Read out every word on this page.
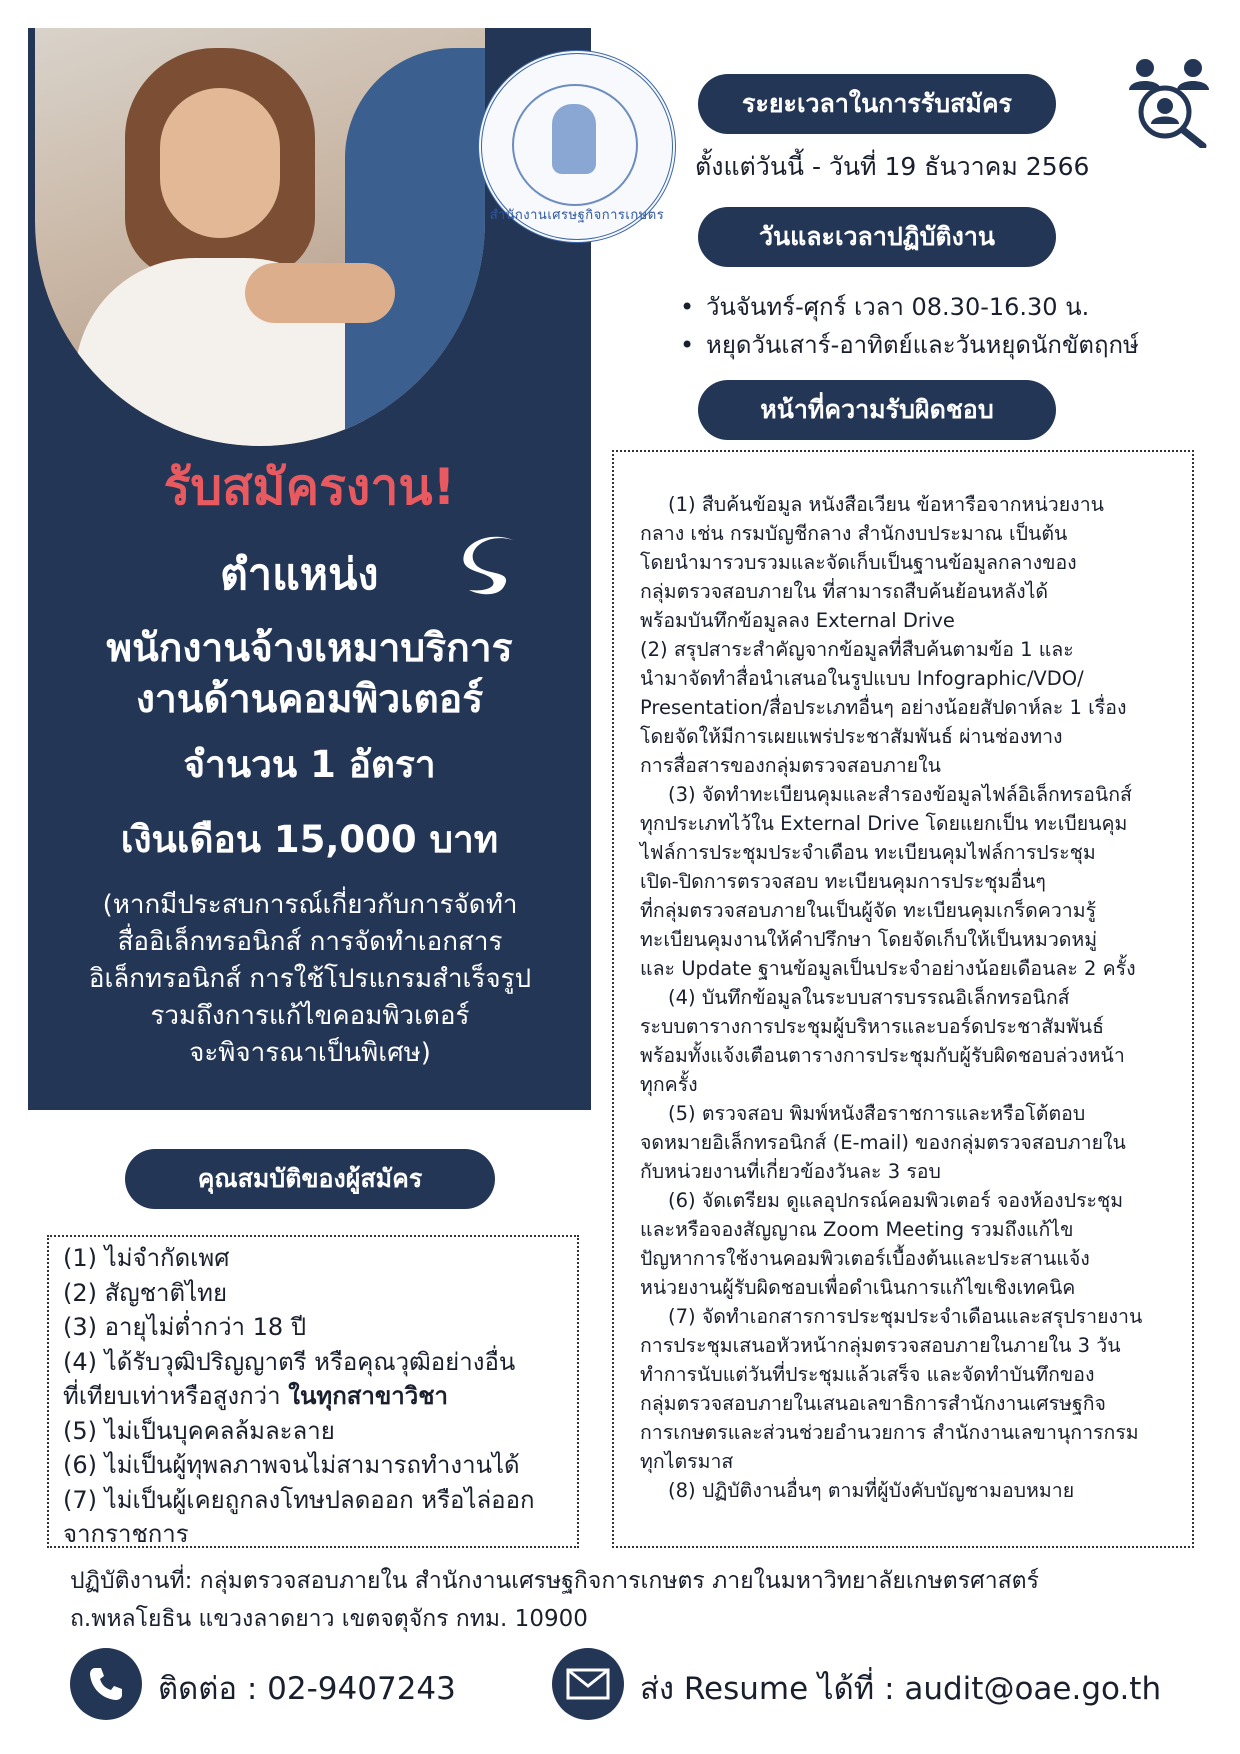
สำนักงานเศรษฐกิจการเกษตร
รับสมัครงาน!
ตำแหน่ง
พนักงานจ้างเหมาบริการ
งานด้านคอมพิวเตอร์
จำนวน 1 อัตรา
เงินเดือน 15,000 บาท
(หากมีประสบการณ์เกี่ยวกับการจัดทำ
สื่ออิเล็กทรอนิกส์ การจัดทำเอกสาร
อิเล็กทรอนิกส์ การใช้โปรแกรมสำเร็จรูป
รวมถึงการแก้ไขคอมพิวเตอร์
จะพิจารณาเป็นพิเศษ)
ระยะเวลาในการรับสมัคร
ตั้งแต่วันนี้ - วันที่ 19 ธันวาคม 2566
วันและเวลาปฏิบัติงาน
• วันจันทร์-ศุกร์ เวลา 08.30-16.30 น.
• หยุดวันเสาร์-อาทิตย์และวันหยุดนักขัตฤกษ์
หน้าที่ความรับผิดชอบ

(1) สืบค้นข้อมูล หนังสือเวียน ข้อหารือจากหน่วยงาน

กลาง เช่น กรมบัญชีกลาง สำนักงบประมาณ เป็นต้น
โดยนำมารวบรวมและจัดเก็บเป็นฐานข้อมูลกลางของ
กลุ่มตรวจสอบภายใน ที่สามารถสืบค้นย้อนหลังได้
พร้อมบันทึกข้อมูลลง External Drive
(2) สรุปสาระสำคัญจากข้อมูลที่สืบค้นตามข้อ 1 และ
นำมาจัดทำสื่อนำเสนอในรูปแบบ Infographic/VDO/
Presentation/สื่อประเภทอื่นๆ อย่างน้อยสัปดาห์ละ 1 เรื่อง
โดยจัดให้มีการเผยแพร่ประชาสัมพันธ์ ผ่านช่องทาง
การสื่อสารของกลุ่มตรวจสอบภายใน

(3) จัดทำทะเบียนคุมและสำรองข้อมูลไฟล์อิเล็กทรอนิกส์

ทุกประเภทไว้ใน External Drive โดยแยกเป็น ทะเบียนคุม
ไฟล์การประชุมประจำเดือน ทะเบียนคุมไฟล์การประชุม
เปิด-ปิดการตรวจสอบ ทะเบียนคุมการประชุมอื่นๆ
ที่กลุ่มตรวจสอบภายในเป็นผู้จัด ทะเบียนคุมเกร็ดความรู้
ทะเบียนคุมงานให้คำปรึกษา โดยจัดเก็บให้เป็นหมวดหมู่
และ Update ฐานข้อมูลเป็นประจำอย่างน้อยเดือนละ 2 ครั้ง

(4) บันทึกข้อมูลในระบบสารบรรณอิเล็กทรอนิกส์

ระบบตารางการประชุมผู้บริหารและบอร์ดประชาสัมพันธ์
พร้อมทั้งแจ้งเตือนตารางการประชุมกับผู้รับผิดชอบล่วงหน้า
ทุกครั้ง

(5) ตรวจสอบ พิมพ์หนังสือราชการและหรือโต้ตอบ

จดหมายอิเล็กทรอนิกส์ (E-mail) ของกลุ่มตรวจสอบภายใน
กับหน่วยงานที่เกี่ยวข้องวันละ 3 รอบ

(6) จัดเตรียม ดูแลอุปกรณ์คอมพิวเตอร์ จองห้องประชุม

และหรือจองสัญญาณ Zoom Meeting รวมถึงแก้ไข
ปัญหาการใช้งานคอมพิวเตอร์เบื้องต้นและประสานแจ้ง
หน่วยงานผู้รับผิดชอบเพื่อดำเนินการแก้ไขเชิงเทคนิค

(7) จัดทำเอกสารการประชุมประจำเดือนและสรุปรายงาน

การประชุมเสนอหัวหน้ากลุ่มตรวจสอบภายในภายใน 3 วัน
ทำการนับแต่วันที่ประชุมแล้วเสร็จ และจัดทำบันทึกของ
กลุ่มตรวจสอบภายในเสนอเลขาธิการสำนักงานเศรษฐกิจ
การเกษตรและส่วนช่วยอำนวยการ สำนักงานเลขานุการกรม
ทุกไตรมาส

(8) ปฏิบัติงานอื่นๆ ตามที่ผู้บังคับบัญชามอบหมาย

คุณสมบัติของผู้สมัคร

(1) ไม่จำกัดเพศ

(2) สัญชาติไทย

(3) อายุไม่ต่ำกว่า 18 ปี

(4) ได้รับวุฒิปริญญาตรี หรือคุณวุฒิอย่างอื่น

ที่เทียบเท่าหรือสูงกว่า ในทุกสาขาวิชา

(5) ไม่เป็นบุคคลล้มละลาย

(6) ไม่เป็นผู้ทุพลภาพจนไม่สามารถทำงานได้

(7) ไม่เป็นผู้เคยถูกลงโทษปลดออก หรือไล่ออก

จากราชการ

ปฏิบัติงานที่: กลุ่มตรวจสอบภายใน สำนักงานเศรษฐกิจการเกษตร ภายในมหาวิทยาลัยเกษตรศาสตร์
ถ.พหลโยธิน แขวงลาดยาว เขตจตุจักร กทม. 10900
ติดต่อ : 02-9407243	ส่ง Resume ได้ที่ : audit@oae.go.th
